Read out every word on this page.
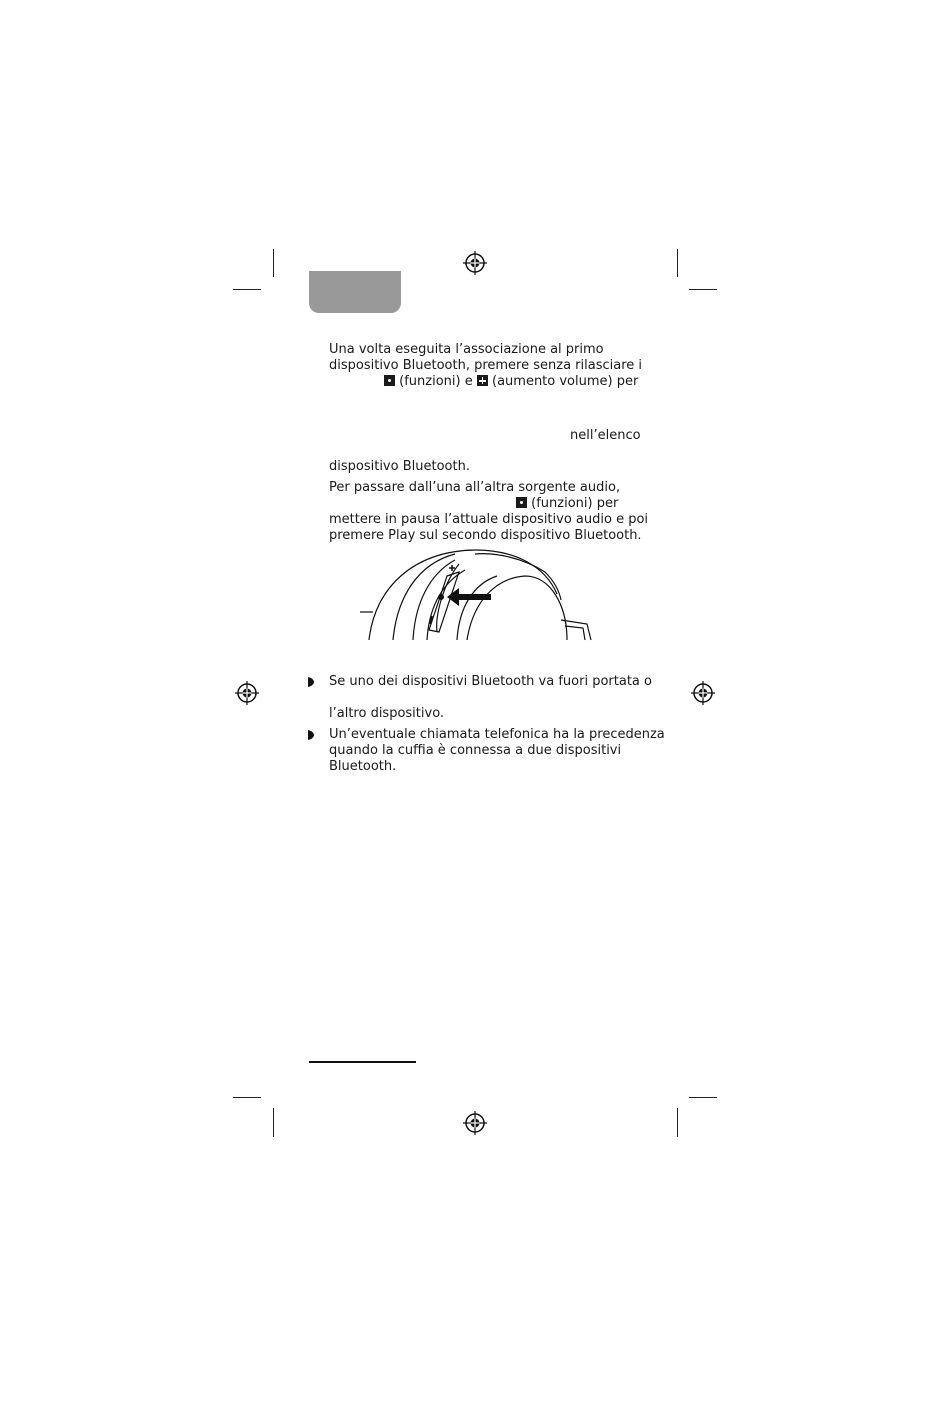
Una volta eseguita l’associazione al primo
dispositivo Bluetooth, premere senza rilasciare i
(funzioni) e (aumento volume) per
nell’elenco
dispositivo Bluetooth.
Per passare dall’una all’altra sorgente audio,
(funzioni) per
mettere in pausa l’attuale dispositivo audio e poi
premere Play sul secondo dispositivo Bluetooth.
Se uno dei dispositivi Bluetooth va fuori portata o
l’altro dispositivo.
Un’eventuale chiamata telefonica ha la precedenza
quando la cuffia è connessa a due dispositivi
Bluetooth.
